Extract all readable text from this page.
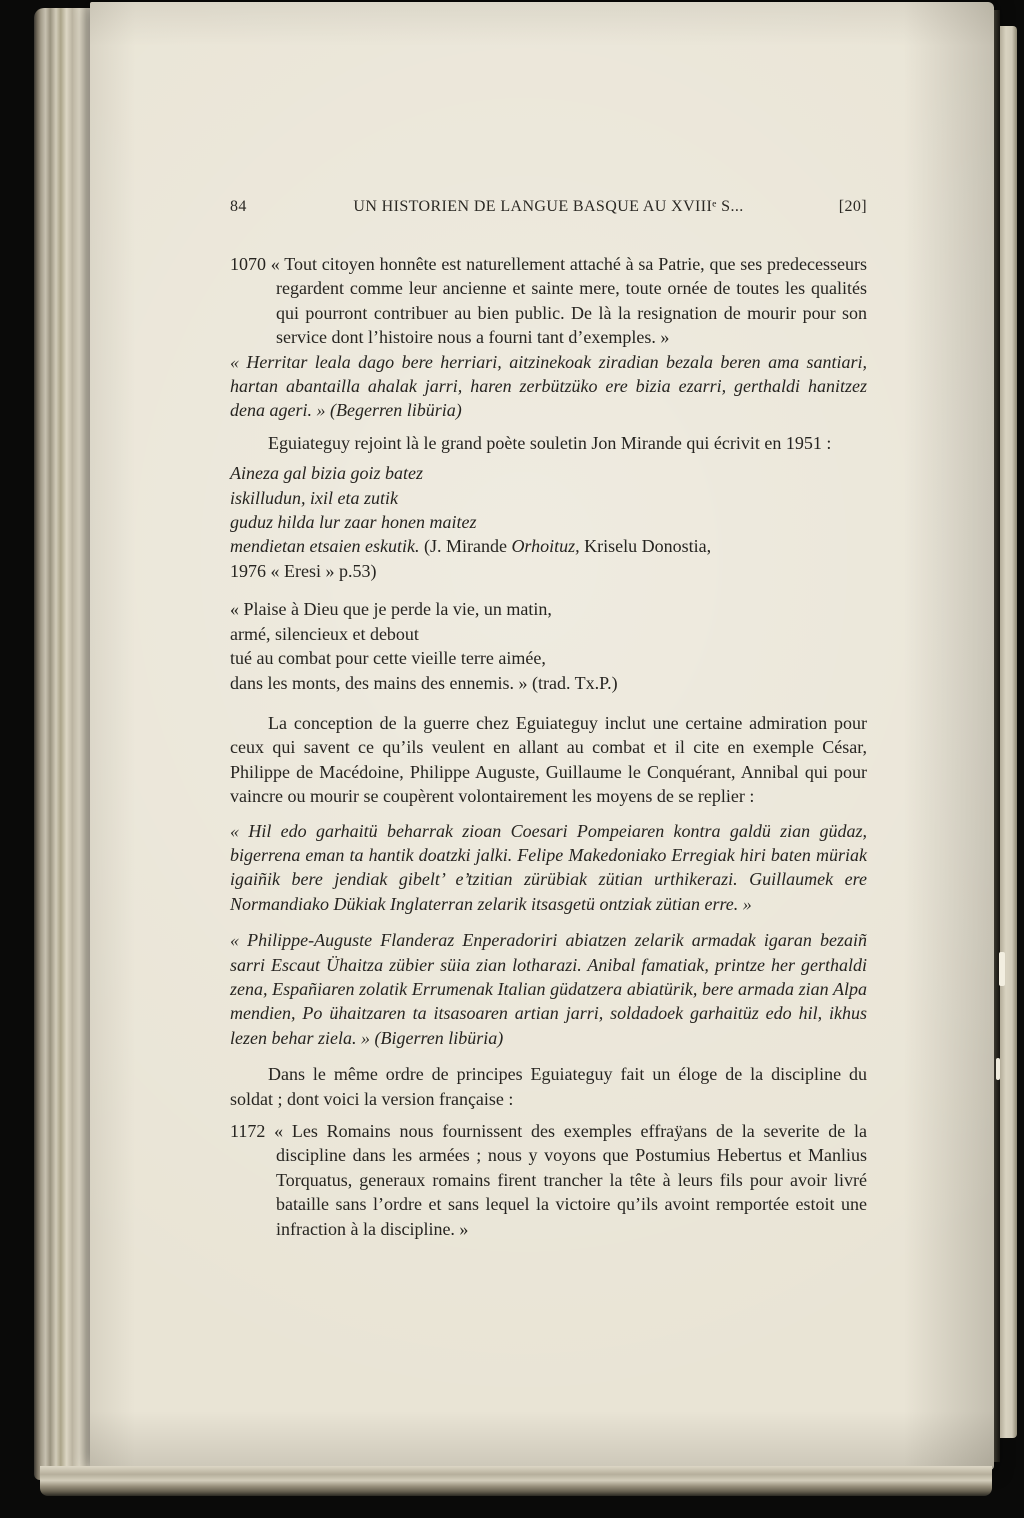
84	UN HISTORIEN DE LANGUE BASQUE AU XVIIIᵉ S...	[20]

1070 « Tout citoyen honnête est naturellement attaché à sa Patrie, que ses predecesseurs regardent comme leur ancienne et sainte mere, toute ornée de toutes les qualités qui pourront contribuer au bien public. De là la resignation de mourir pour son service dont l’histoire nous a fourni tant d’exemples. »

« Herritar leala dago bere herriari, aitzinekoak ziradian bezala beren ama santiari, hartan abantailla ahalak jarri, haren zerbützüko ere bizia ezarri, gerthaldi hanitzez dena ageri. » (Begerren libüria)

Eguiateguy rejoint là le grand poète souletin Jon Mirande qui écrivit en 1951 :

Aineza gal bizia goiz batez
iskilludun, ixil eta zutik
guduz hilda lur zaar honen maitez
mendietan etsaien eskutik. (J. Mirande Orhoituz, Kriselu Donostia,
1976 « Eresi » p.53)
« Plaise à Dieu que je perde la vie, un matin,
armé, silencieux et debout
tué au combat pour cette vieille terre aimée,
dans les monts, des mains des ennemis. » (trad. Tx.P.)

La conception de la guerre chez Eguiateguy inclut une certaine admiration pour ceux qui savent ce qu’ils veulent en allant au combat et il cite en exemple César, Philippe de Macédoine, Philippe Auguste, Guillaume le Conquérant, Annibal qui pour vaincre ou mourir se coupèrent volontairement les moyens de se replier :

« Hil edo garhaitü beharrak zioan Coesari Pompeiaren kontra galdü zian güdaz, bigerrena eman ta hantik doatzki jalki. Felipe Makedoniako Erregiak hiri baten müriak igaiñik bere jendiak gibelt’ e’tzitian zürübiak zütian urthikerazi. Guillaumek ere Normandiako Dükiak Inglaterran zelarik itsasgetü ontziak zütian erre. »

« Philippe-Auguste Flanderaz Enperadoriri abiatzen zelarik armadak igaran bezaiñ sarri Escaut Ühaitza zübier süia zian lotharazi. Anibal famatiak, printze her gerthaldi zena, Españiaren zolatik Errumenak Italian güdatzera abiatürik, bere armada zian Alpa mendien, Po ühaitzaren ta itsasoaren artian jarri, soldadoek garhaitüz edo hil, ikhus lezen behar ziela. » (Bigerren libüria)

Dans le même ordre de principes Eguiateguy fait un éloge de la discipline du soldat ; dont voici la version française :

1172 « Les Romains nous fournissent des exemples effraÿans de la severite de la discipline dans les armées ; nous y voyons que Postumius Hebertus et Manlius Torquatus, generaux romains firent trancher la tête à leurs fils pour avoir livré bataille sans l’ordre et sans lequel la victoire qu’ils avoint remportée estoit une infraction à la discipline. »
